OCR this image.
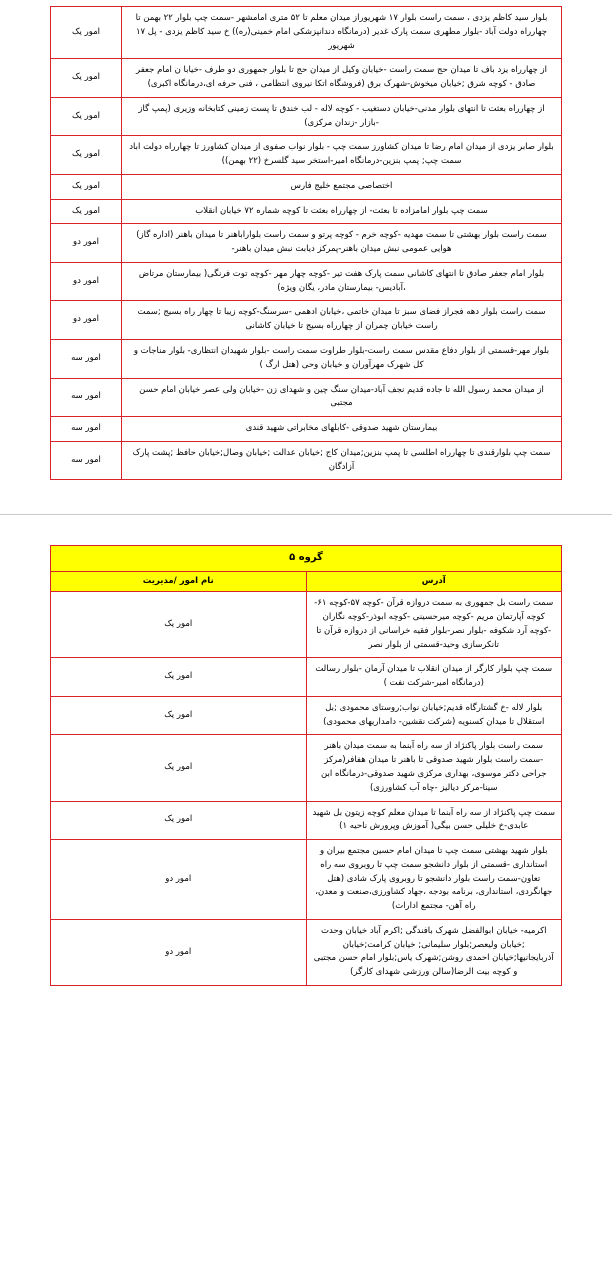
بلوار سید کاظم یزدی ، سمت راست بلوار ۱۷ شهریور‌از میدان معلم تا ۵۲ متری امامشهر -سمت چپ بلوار ۲۲ بهمن تا چهارراه دولت آباد -بلوار مطهری سمت پارک غدیر (درمانگاه دندانپزشکی امام خمینی(ره)) خ سید کاظم یزدی - پل ۱۷ شهریور	امور یک
از چهارراه یزد باف تا میدان حج سمت راست -خیابان وکیل از میدان حج تا بلوار جمهوری دو طرف -خیابا ن امام جعفر صادق - کوچه شرق ;خیابان میخوش-شهرک برق (فروشگاه اتکا نیروی انتظامی ، فنی حرفه ای،درمانگاه اکبری)	امور یک
از چهارراه بعثت تا انتهای بلوار مدنی-خیابان دستغیب - کوچه لاله - لب خندق تا پست زمینی کتابخانه وزیری (پمپ گاز -بازار -زندان مرکزی)	امور یک
بلوار صابر یزدی از میدان امام رضا تا میدان کشاورز سمت چپ - بلوار نواب صفوی از میدان کشاورز تا چهارراه دولت اباد سمت چپ; پمپ بنزین-درمانگاه امیر-استخر سید گلسرخ (۲۲ بهمن))	امور یک
اختصاصی مجتمع خلیج فارس	امور یک
سمت چپ بلوار امامزاده تا بعثت- از چهارراه بعثت تا کوچه شماره ۷۲ خیابان انقلاب	امور یک
سمت راست بلوار بهشتی تا سمت مهدیه -کوچه خرم - کوچه پرتو و سمت راست بلواراباهنر تا میدان باهنر (اداره گاز) هوایی عمومی نبش میدان باهنر-پمرکز دیابت نبش میدان باهنر-	امور دو
بلوار امام جعفر صادق تا انتهای کاشانی سمت پارک هفت تیر -کوچه چهار مهر -کوچه توت فرنگی( بیمارستان مرتاض ،آبادیس- بیمارستان مادر، یگان ویژه)	امور دو
سمت راست بلوار دهه فجراز فضای سبز تا میدان خاتمی ،خیابان ادهمی -سرسنگ-کوچه زیبا تا چهار راه بسیج ;سمت راست خیابان چمران از چهارراه بسیج تا خیابان کاشانی	امور دو
بلوار مهر-قسمتی از بلوار دفاع مقدس سمت راست-بلوار طراوت سمت راست -بلوار شهیدان انتظاری- بلوار مناجات و کل شهرک مهرآوران و خیابان وحی (هتل ارگ )	امور سه
از میدان محمد رسول الله تا جاده قدیم نجف آباد-میدان سنگ چین و شهدای زن -خیابان ولی عصر خیابان امام حسن مجتبی	امور سه
بیمارستان شهید صدوقی -کابلهای مخابراتی شهید قندی	امور سه
سمت چپ بلوارقندی تا چهارراه اطلسی تا پمپ بنزین;میدان کاج ;خیابان عدالت ;خیابان وصال;خیابان حافظ ;پشت پارک آزادگان	امور سه
گروه ۵	
آدرس	نام امور /مدیریت
سمت راست بل جمهوری به سمت دروازه قرآن -کوچه ۵۷-کوچه ۶۱-کوچه آپارتمان مریم -کوچه میرحسینی -کوچه ابوذر-کوچه نگاران -کوچه آرد شکوفه -بلوار نصر-بلوار فقیه خراسانی از دروازه قرآن تا تانکرسازی وحید-قسمتی از بلوار نصر	امور یک
سمت چپ بلوار کارگر از میدان انقلاب تا میدان آرمان -بلوار رسالت (درمانگاه امیر-شرکت نفت )	امور یک
بلوار لاله -خ گشتارگاه قدیم;خیابان نواب;روستای محمودی ;بل استقلال تا میدان کسنویه (شرکت نقشین- دامداریهای محمودی)	امور یک
سمت راست بلوار پاکنژاد از سه راه آبنما به سمت میدان باهنر -سمت راست بلوار شهید صدوقی تا باهنر تا میدان هفافر(مرکز جراحی دکتر موسوی، بهداری مرکزی شهید صدوقی-درمانگاه ابن سینا-مرکز دیالیز -چاه آب کشاورزی)	امور یک
سمت چپ پاکنژاد از سه راه آبنما تا میدان معلم کوچه زیتون بل شهید عابدی-خ خلیلی حسن بیگی( آموزش وپرورش ناحیه ۱)	امور یک
بلوار شهید بهشتی سمت چپ تا میدان امام حسین مجتمع بیران و استانداری -قسمتی از بلوار دانشجو سمت چپ تا روبروی سه راه تعاون-سمت راست بلوار دانشجو تا روبروی پارک شادی (هتل جهانگردی، استانداری، برنامه بودجه ،جهاد کشاورزی،صنعت و معدن، راه آهن- مجتمع ادارات)	امور دو
اکرمیه- خیابان ابوالفضل شهرک بافندگی ;اکرم آباد خیابان وحدت ;خیابان ولیعصر;بلوار سلیمانی; خیابان کرامت;خیابان آذربایجانیها;خیابان احمدی روشن;شهرک یاس;بلوار امام حسن مجتبی و کوچه بیت الرضا(سالن ورزشی شهدای کارگر)	امور دو
